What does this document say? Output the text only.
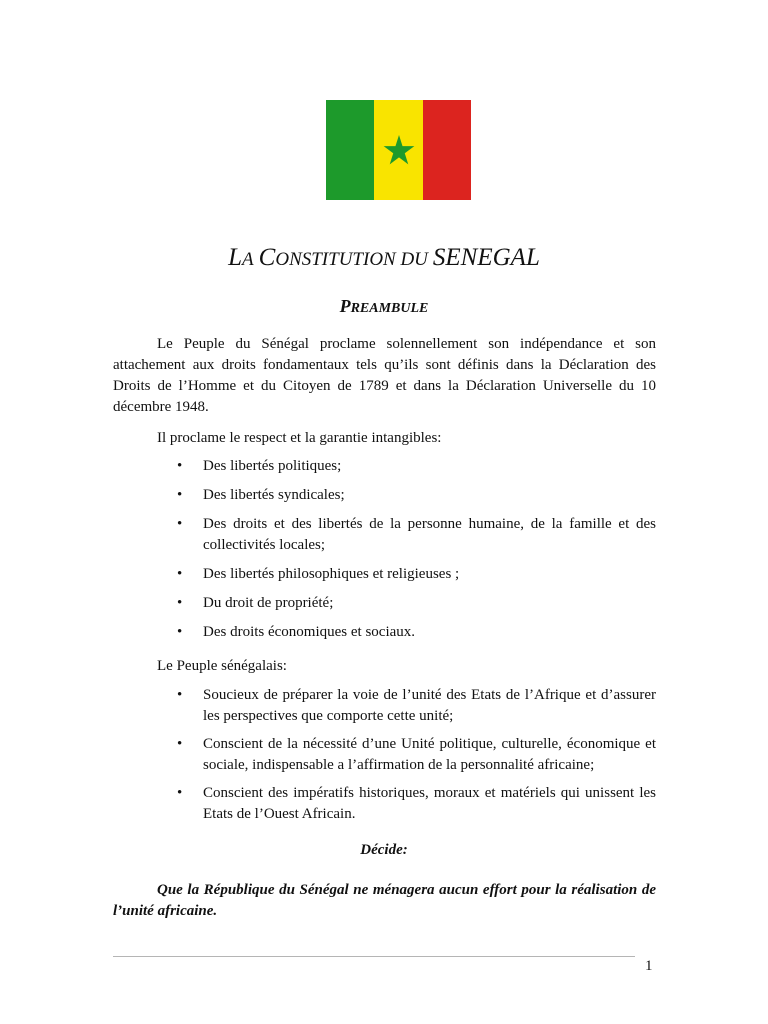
LA CONSTITUTION DU SENEGAL
PREAMBULE
Le Peuple du Sénégal proclame solennellement son indépendance et son attachement aux droits fondamentaux tels qu’ils sont définis dans la Déclaration des Droits de l’Homme et du Citoyen de 1789 et dans la Déclaration Universelle du 10 décembre 1948.
Il proclame le respect et la garantie intangibles:
• Des libertés politiques;
• Des libertés syndicales;
• Des droits et des libertés de la personne humaine, de la famille et des collectivités locales;
• Des libertés philosophiques et religieuses ;
• Du droit de propriété;
• Des droits économiques et sociaux.
Le Peuple sénégalais:
• Soucieux de préparer la voie de l’unité des Etats de l’Afrique et d’assurer les perspectives que comporte cette unité;
• Conscient de la nécessité d’une Unité politique, culturelle, économique et sociale, indispensable a l’affirmation de la personnalité africaine;
• Conscient des impératifs historiques, moraux et matériels qui unissent les Etats de l’Ouest Africain.
Décide:
Que la République du Sénégal ne ménagera aucun effort pour la réalisation de l’unité africaine.
1
